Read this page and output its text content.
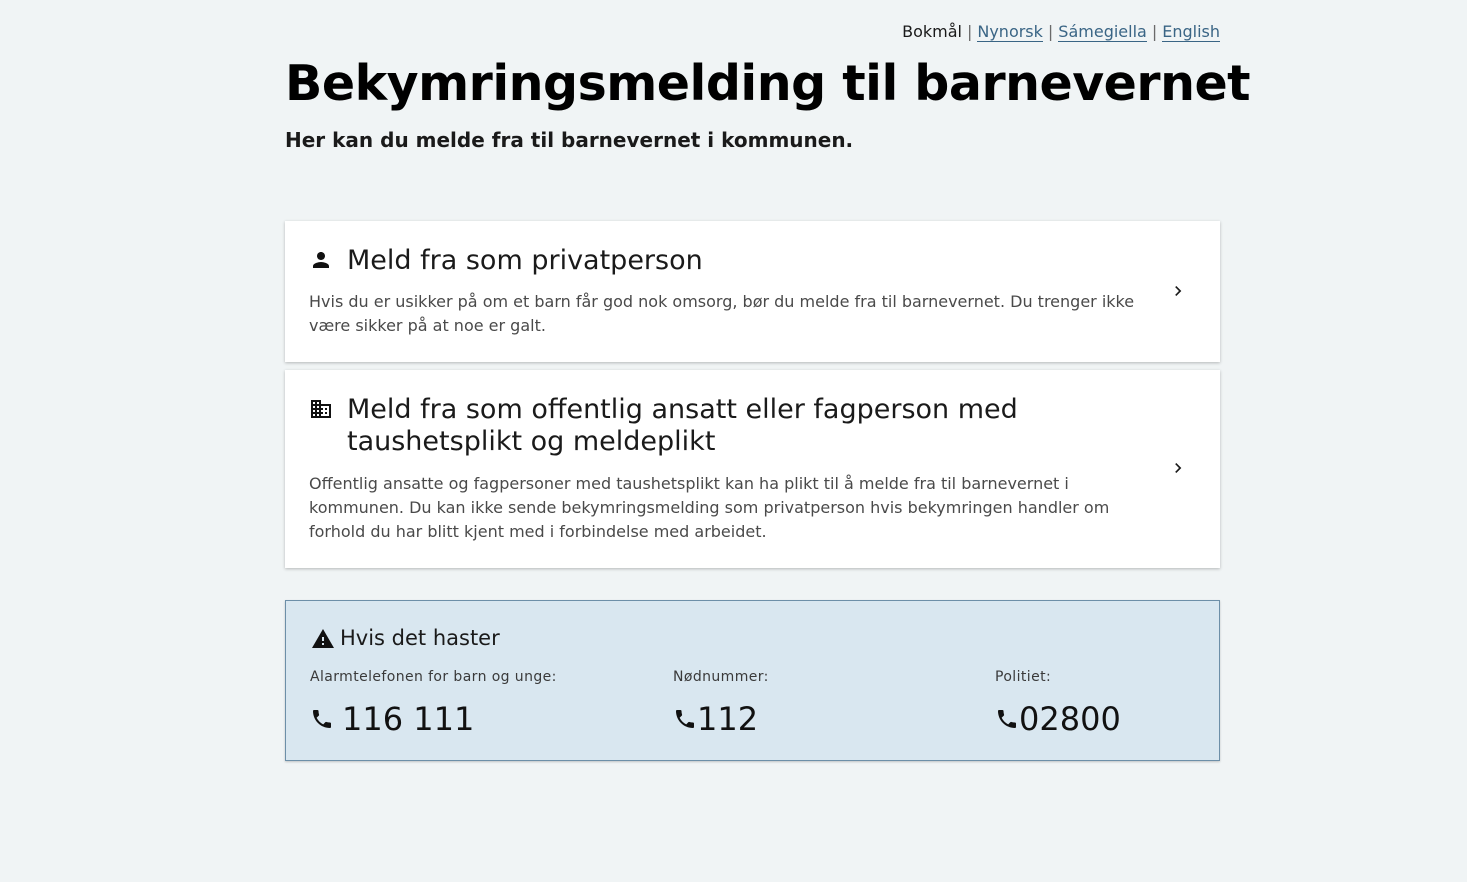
Bokmål | Nynorsk | Sámegiella | English
Bekymringsmelding til barnevernet

Her kan du melde fra til barnevernet i kommunen.

Meld fra som privatperson

Hvis du er usikker på om et barn får god nok omsorg, bør du melde fra til barnevernet. Du trenger ikke være sikker på at noe er galt.

Meld fra som offentlig ansatt eller fagperson med taushetsplikt og meldeplikt

Offentlig ansatte og fagpersoner med taushetsplikt kan ha plikt til å melde fra til barnevernet i kommunen. Du kan ikke sende bekymringsmelding som privatperson hvis bekymringen handler om forhold du har blitt kjent med i forbindelse med arbeidet.

Hvis det haster
Alarmtelefonen for barn og unge:
116 111
Nødnummer:
112
Politiet:
02800
